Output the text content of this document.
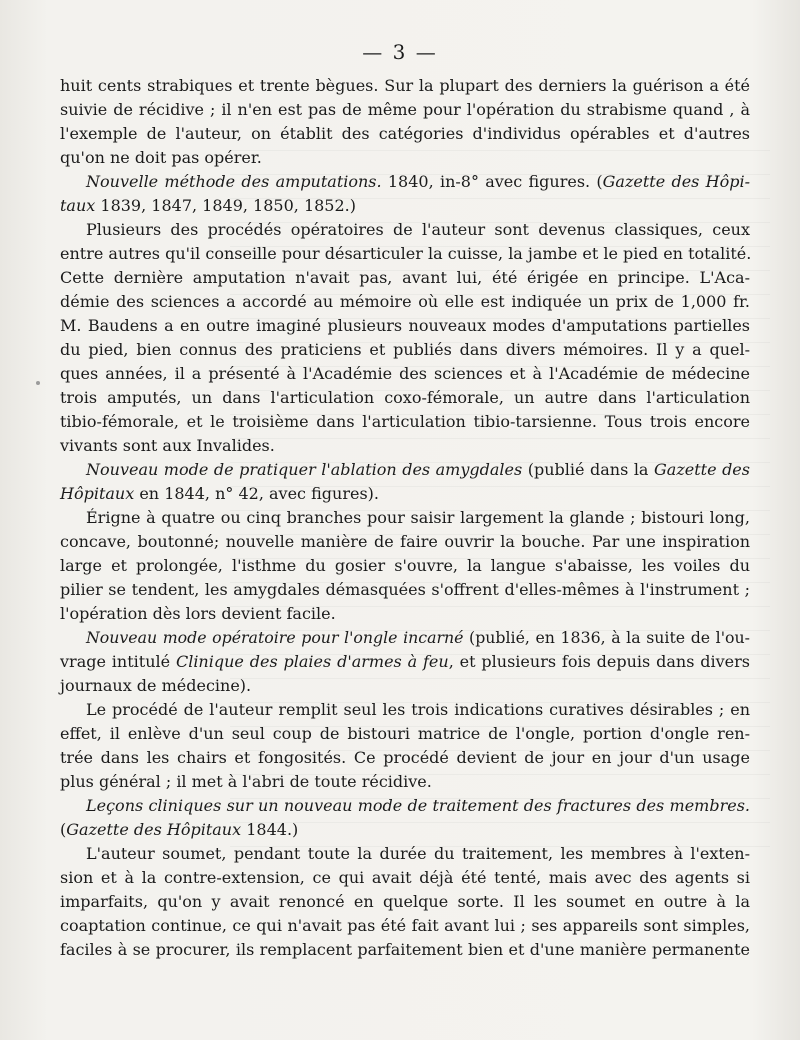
— 3 —
huit cents strabiques et trente bègues. Sur la plupart des derniers la guérison a été
suivie de récidive ; il n'en est pas de même pour l'opération du strabisme quand , à
l'exemple de l'auteur, on établit des catégories d'individus opérables et d'autres
qu'on ne doit pas opérer.
Nouvelle méthode des amputations. 1840, in-8° avec figures. (Gazette des Hôpi-
taux 1839, 1847, 1849, 1850, 1852.)
Plusieurs des procédés opératoires de l'auteur sont devenus classiques, ceux
entre autres qu'il conseille pour désarticuler la cuisse, la jambe et le pied en totalité.
Cette dernière amputation n'avait pas, avant lui, été érigée en principe. L'Aca-
démie des sciences a accordé au mémoire où elle est indiquée un prix de 1,000 fr.
M. Baudens a en outre imaginé plusieurs nouveaux modes d'amputations partielles
du pied, bien connus des praticiens et publiés dans divers mémoires. Il y a quel-
ques années, il a présenté à l'Académie des sciences et à l'Académie de médecine
trois amputés, un dans l'articulation coxo-fémorale, un autre dans l'articulation
tibio-fémorale, et le troisième dans l'articulation tibio-tarsienne. Tous trois encore
vivants sont aux Invalides.
Nouveau mode de pratiquer l'ablation des amygdales (publié dans la Gazette des
Hôpitaux en 1844, n° 42, avec figures).
Érigne à quatre ou cinq branches pour saisir largement la glande ; bistouri long,
concave, boutonné; nouvelle manière de faire ouvrir la bouche. Par une inspiration
large et prolongée, l'isthme du gosier s'ouvre, la langue s'abaisse, les voiles du
pilier se tendent, les amygdales démasquées s'offrent d'elles-mêmes à l'instrument ;
l'opération dès lors devient facile.
Nouveau mode opératoire pour l'ongle incarné (publié, en 1836, à la suite de l'ou-
vrage intitulé Clinique des plaies d'armes à feu, et plusieurs fois depuis dans divers
journaux de médecine).
Le procédé de l'auteur remplit seul les trois indications curatives désirables ; en
effet, il enlève d'un seul coup de bistouri matrice de l'ongle, portion d'ongle ren-
trée dans les chairs et fongosités. Ce procédé devient de jour en jour d'un usage
plus général ; il met à l'abri de toute récidive.
Leçons cliniques sur un nouveau mode de traitement des fractures des membres.
(Gazette des Hôpitaux 1844.)
L'auteur soumet, pendant toute la durée du traitement, les membres à l'exten-
sion et à la contre-extension, ce qui avait déjà été tenté, mais avec des agents si
imparfaits, qu'on y avait renoncé en quelque sorte. Il les soumet en outre à la
coaptation continue, ce qui n'avait pas été fait avant lui ; ses appareils sont simples,
faciles à se procurer, ils remplacent parfaitement bien et d'une manière permanente
